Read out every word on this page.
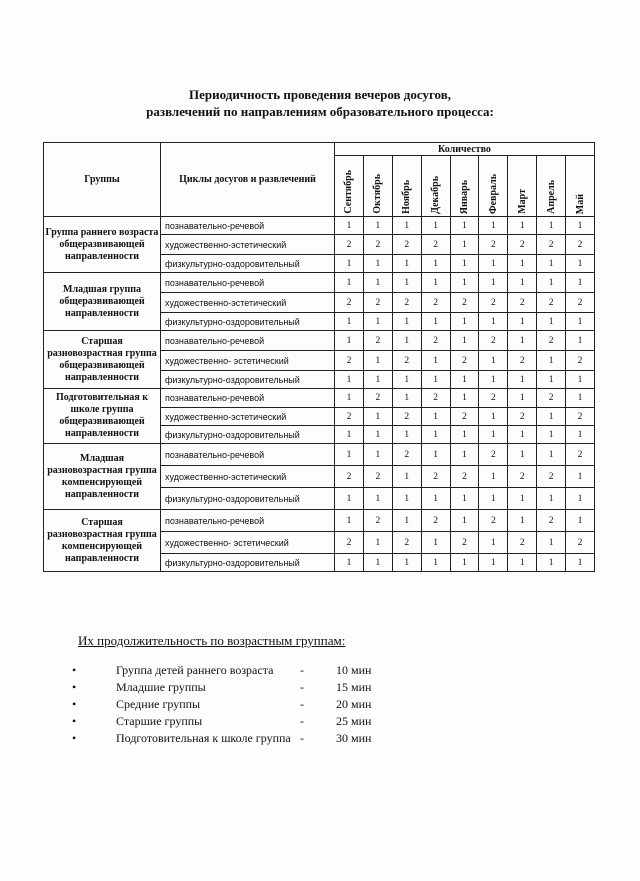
Периодичность проведения вечеров досугов,
развлечений по направлениям образовательного процесса:
Группы	Циклы досугов и развлечений	Количество								

		Сентябрь	Октябрь	Ноябрь	Декабрь	Январь	Февраль	Март	Апрель	Май

Группа раннего возраста общеразвивающей направленности	познавательно-речевой	1	1	1	1	1	1	1	1	1
	художественно-эстетический	2	2	2	2	1	2	2	2	2
	физкультурно-оздоровительный	1	1	1	1	1	1	1	1	1
Младшая группа общеразвивающей направленности	познавательно-речевой	1	1	1	1	1	1	1	1	1
	художественно-эстетический	2	2	2	2	2	2	2	2	2
	физкультурно-оздоровительный	1	1	1	1	1	1	1	1	1
Старшая разновозрастная группа общеразвивающей направленности	познавательно-речевой	1	2	1	2	1	2	1	2	1
	художественно- эстетический	2	1	2	1	2	1	2	1	2
	физкультурно-оздоровительный	1	1	1	1	1	1	1	1	1
Подготовительная к школе группа общеразвивающей направленности	познавательно-речевой	1	2	1	2	1	2	1	2	1
	художественно-эстетический	2	1	2	1	2	1	2	1	2
	физкультурно-оздоровительный	1	1	1	1	1	1	1	1	1
Младшая разновозрастная группа компенсирующей направленности	познавательно-речевой	1	1	2	1	1	2	1	1	2
	художественно-эстетический	2	2	1	2	2	1	2	2	1
	физкультурно-оздоровительный	1	1	1	1	1	1	1	1	1
Старшая разновозрастная группа компенсирующей направленности	познавательно-речевой	1	2	1	2	1	2	1	2	1
	художественно- эстетический	2	1	2	1	2	1	2	1	2
	физкультурно-оздоровительный	1	1	1	1	1	1	1	1	1
Их продолжительность по возрастным группам:
•	Группа детей раннего возраста -	10 мин
•	Младшие группы	-	15 мин
•	Средние группы	-	20 мин
•	Старшие группы	-	25 мин
•	Подготовительная к школе группа -	30 мин
